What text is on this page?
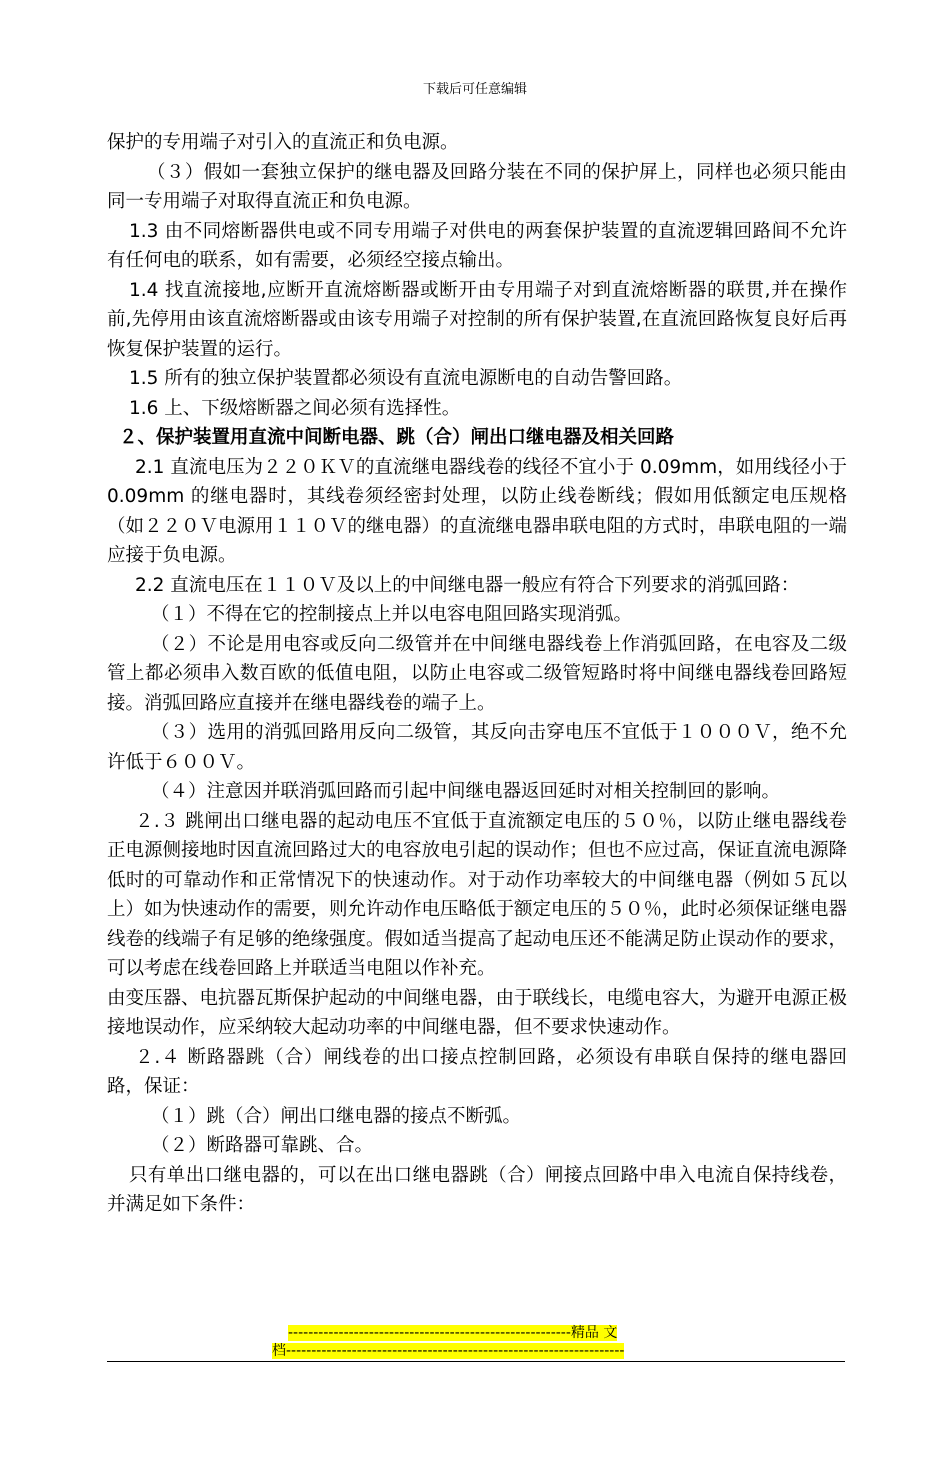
下载后可任意编辑

保护的专用端子对引入的直流正和负电源。

（３）假如一套独立保护的继电器及回路分装在不同的保护屏上，同样也必须只能由同一专用端子对取得直流正和负电源。

1.3 由不同熔断器供电或不同专用端子对供电的两套保护装置的直流逻辑回路间不允许有任何电的联系，如有需要，必须经空接点输出。

1.4 找直流接地,应断开直流熔断器或断开由专用端子对到直流熔断器的联贯,并在操作前,先停用由该直流熔断器或由该专用端子对控制的所有保护装置,在直流回路恢复良好后再恢复保护装置的运行。

1.5 所有的独立保护装置都必须设有直流电源断电的自动告警回路。

1.6 上、下级熔断器之间必须有选择性。

２、保护装置用直流中间断电器、跳（合）闸出口继电器及相关回路

2.1 直流电压为２２０ＫＶ的直流继电器线卷的线径不宜小于 0.09mm，如用线径小于 0.09mm 的继电器时，其线卷须经密封处理，以防止线卷断线；假如用低额定电压规格（如２２０Ｖ电源用１１０Ｖ的继电器）的直流继电器串联电阻的方式时，串联电阻的一端应接于负电源。

2.2 直流电压在１１０Ｖ及以上的中间继电器一般应有符合下列要求的消弧回路：

（１）不得在它的控制接点上并以电容电阻回路实现消弧。

（２）不论是用电容或反向二级管并在中间继电器线卷上作消弧回路，在电容及二级管上都必须串入数百欧的低值电阻，以防止电容或二级管短路时将中间继电器线卷回路短接。消弧回路应直接并在继电器线卷的端子上。

（３）选用的消弧回路用反向二级管，其反向击穿电压不宜低于１０００Ｖ，绝不允许低于６００Ｖ。

（４）注意因并联消弧回路而引起中间继电器返回延时对相关控制回的影响。

２.３ 跳闸出口继电器的起动电压不宜低于直流额定电压的５０％，以防止继电器线卷正电源侧接地时因直流回路过大的电容放电引起的误动作；但也不应过高，保证直流电源降低时的可靠动作和正常情况下的快速动作。对于动作功率较大的中间继电器（例如５瓦以上）如为快速动作的需要，则允许动作电压略低于额定电压的５０％，此时必须保证继电器线卷的线端子有足够的绝缘强度。假如适当提高了起动电压还不能满足防止误动作的要求，可以考虑在线卷回路上并联适当电阻以作补充。

由变压器、电抗器瓦斯保护起动的中间继电器，由于联线长，电缆电容大，为避开电源正极接地误动作，应采纳较大起动功率的中间继电器，但不要求快速动作。

２.４ 断路器跳（合）闸线卷的出口接点控制回路，必须设有串联自保持的继电器回路，保证：

（１）跳（合）闸出口继电器的接点不断弧。

（２）断路器可靠跳、合。

只有单出口继电器的，可以在出口继电器跳（合）闸接点回路中串入电流自保持线卷，并满足如下条件：

--------------------------------------------------------精品 文
档-------------------------------------------------------------------
